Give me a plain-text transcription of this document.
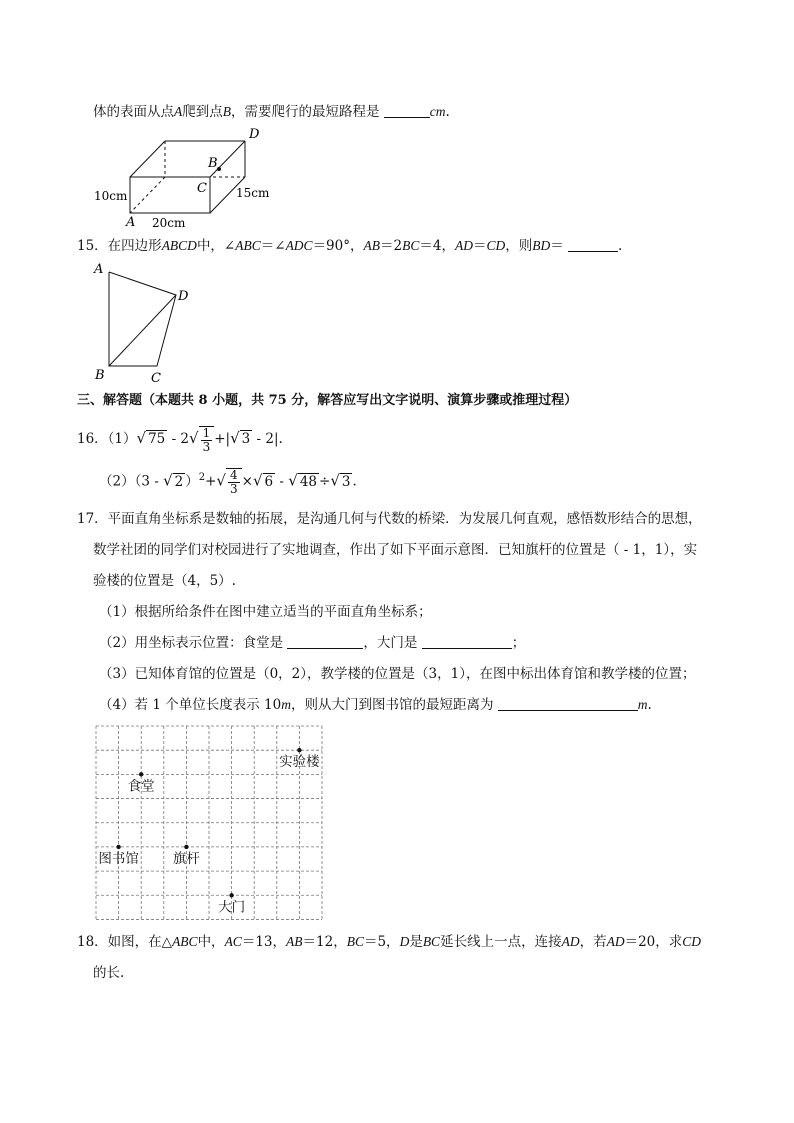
体的表面从点A爬到点B，需要爬行的最短路程是	cm.
D
B
C
A
10cm
20cm
15cm
15．在四边形ABCD中，∠ABC＝∠ADC＝90°，AB＝2BC＝4，AD＝CD，则BD＝	.
A
D
B	C
三、解答题（本题共 8 小题，共 75 分，解答应写出文字说明、演算步骤或推理过程）
16．（1）√ $75 - 2√ \frac{1}{3}$ +|√ 3 - 2|.
（2）（3 - √ 2 ）$^2+√ \frac{4}{3}$ ×√ 6 - √ 48 ÷√ 3 .
17．平面直角坐标系是数轴的拓展，是沟通几何与代数的桥梁．为发展几何直观，感悟数形结合的思想，
数学社团的同学们对校园进行了实地调查，作出了如下平面示意图．已知旗杆的位置是（ - 1，1），实
验楼的位置是（4，5）.
（1）根据所给条件在图中建立适当的平面直角坐标系；
（2）用坐标表示位置：食堂是	，大门是	；
（3）已知体育馆的位置是（0，2），教学楼的位置是（3，1），在图中标出体育馆和教学楼的位置；
（4）若 1 个单位长度表示 10m，则从大门到图书馆的最短距离为	m.
实验楼
食堂
图书馆	旗杆
大门
18．如图，在△ABC中，AC＝13，AB＝12，BC＝5，D是BC延长线上一点，连接AD，若AD＝20，求CD
的长.
